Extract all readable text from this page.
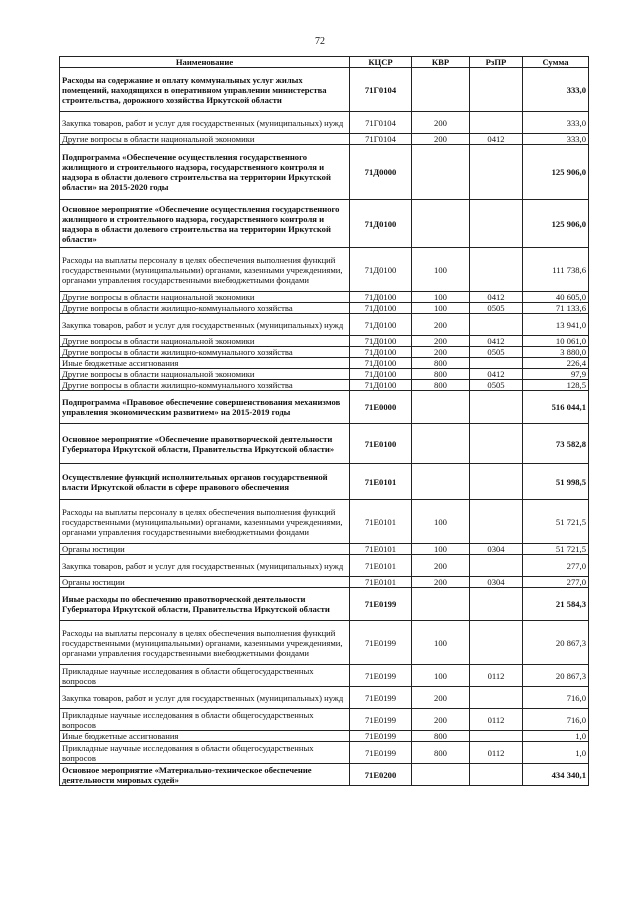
72
Наименование	КЦСР	КВР	РзПР	Сумма
Расходы на содержание и оплату коммунальных услуг жилых помещений, находящихся в оперативном управлении министерства строительства, дорожного хозяйства Иркутской области	71Г0104			333,0
Закупка товаров, работ и услуг для государственных (муниципальных) нужд	71Г0104	200		333,0
Другие вопросы в области национальной экономики	71Г0104	200	0412	333,0
Подпрограмма «Обеспечение осуществления государственного жилищного и строительного надзора, государственного контроля и надзора в области долевого строительства на территории Иркутской области» на 2015-2020 годы	71Д0000			125 906,0
Основное мероприятие «Обеспечение осуществления государственного жилищного и строительного надзора, государственного контроля и надзора в области долевого строительства на территории Иркутской области»	71Д0100			125 906,0
Расходы на выплаты персоналу в целях обеспечения выполнения функций государственными (муниципальными) органами, казенными учреждениями, органами управления государственными внебюджетными фондами	71Д0100	100		111 738,6
Другие вопросы в области национальной экономики	71Д0100	100	0412	40 605,0
Другие вопросы в области жилищно-коммунального хозяйства	71Д0100	100	0505	71 133,6
Закупка товаров, работ и услуг для государственных (муниципальных) нужд	71Д0100	200		13 941,0
Другие вопросы в области национальной экономики	71Д0100	200	0412	10 061,0
Другие вопросы в области жилищно-коммунального хозяйства	71Д0100	200	0505	3 880,0
Иные бюджетные ассигнования	71Д0100	800		226,4
Другие вопросы в области национальной экономики	71Д0100	800	0412	97,9
Другие вопросы в области жилищно-коммунального хозяйства	71Д0100	800	0505	128,5
Подпрограмма «Правовое обеспечение совершенствования механизмов управления экономическим развитием» на 2015-2019 годы	71Е0000			516 044,1
Основное мероприятие «Обеспечение правотворческой деятельности Губернатора Иркутской области, Правительства Иркутской области»	71Е0100			73 582,8
Осуществление функций исполнительных органов государственной власти Иркутской области в сфере правового обеспечения	71Е0101			51 998,5
Расходы на выплаты персоналу в целях обеспечения выполнения функций государственными (муниципальными) органами, казенными учреждениями, органами управления государственными внебюджетными фондами	71Е0101	100		51 721,5
Органы юстиции	71Е0101	100	0304	51 721,5
Закупка товаров, работ и услуг для государственных (муниципальных) нужд	71Е0101	200		277,0
Органы юстиции	71Е0101	200	0304	277,0
Иные расходы по обеспечению правотворческой деятельности Губернатора Иркутской области, Правительства Иркутской области	71Е0199			21 584,3
Расходы на выплаты персоналу в целях обеспечения выполнения функций государственными (муниципальными) органами, казенными учреждениями, органами управления государственными внебюджетными фондами	71Е0199	100		20 867,3
Прикладные научные исследования в области общегосударственных вопросов	71Е0199	100	0112	20 867,3
Закупка товаров, работ и услуг для государственных (муниципальных) нужд	71Е0199	200		716,0
Прикладные научные исследования в области общегосударственных вопросов	71Е0199	200	0112	716,0
Иные бюджетные ассигнования	71Е0199	800		1,0
Прикладные научные исследования в области общегосударственных вопросов	71Е0199	800	0112	1,0
Основное мероприятие «Материально-техническое обеспечение деятельности мировых судей»	71Е0200			434 340,1
